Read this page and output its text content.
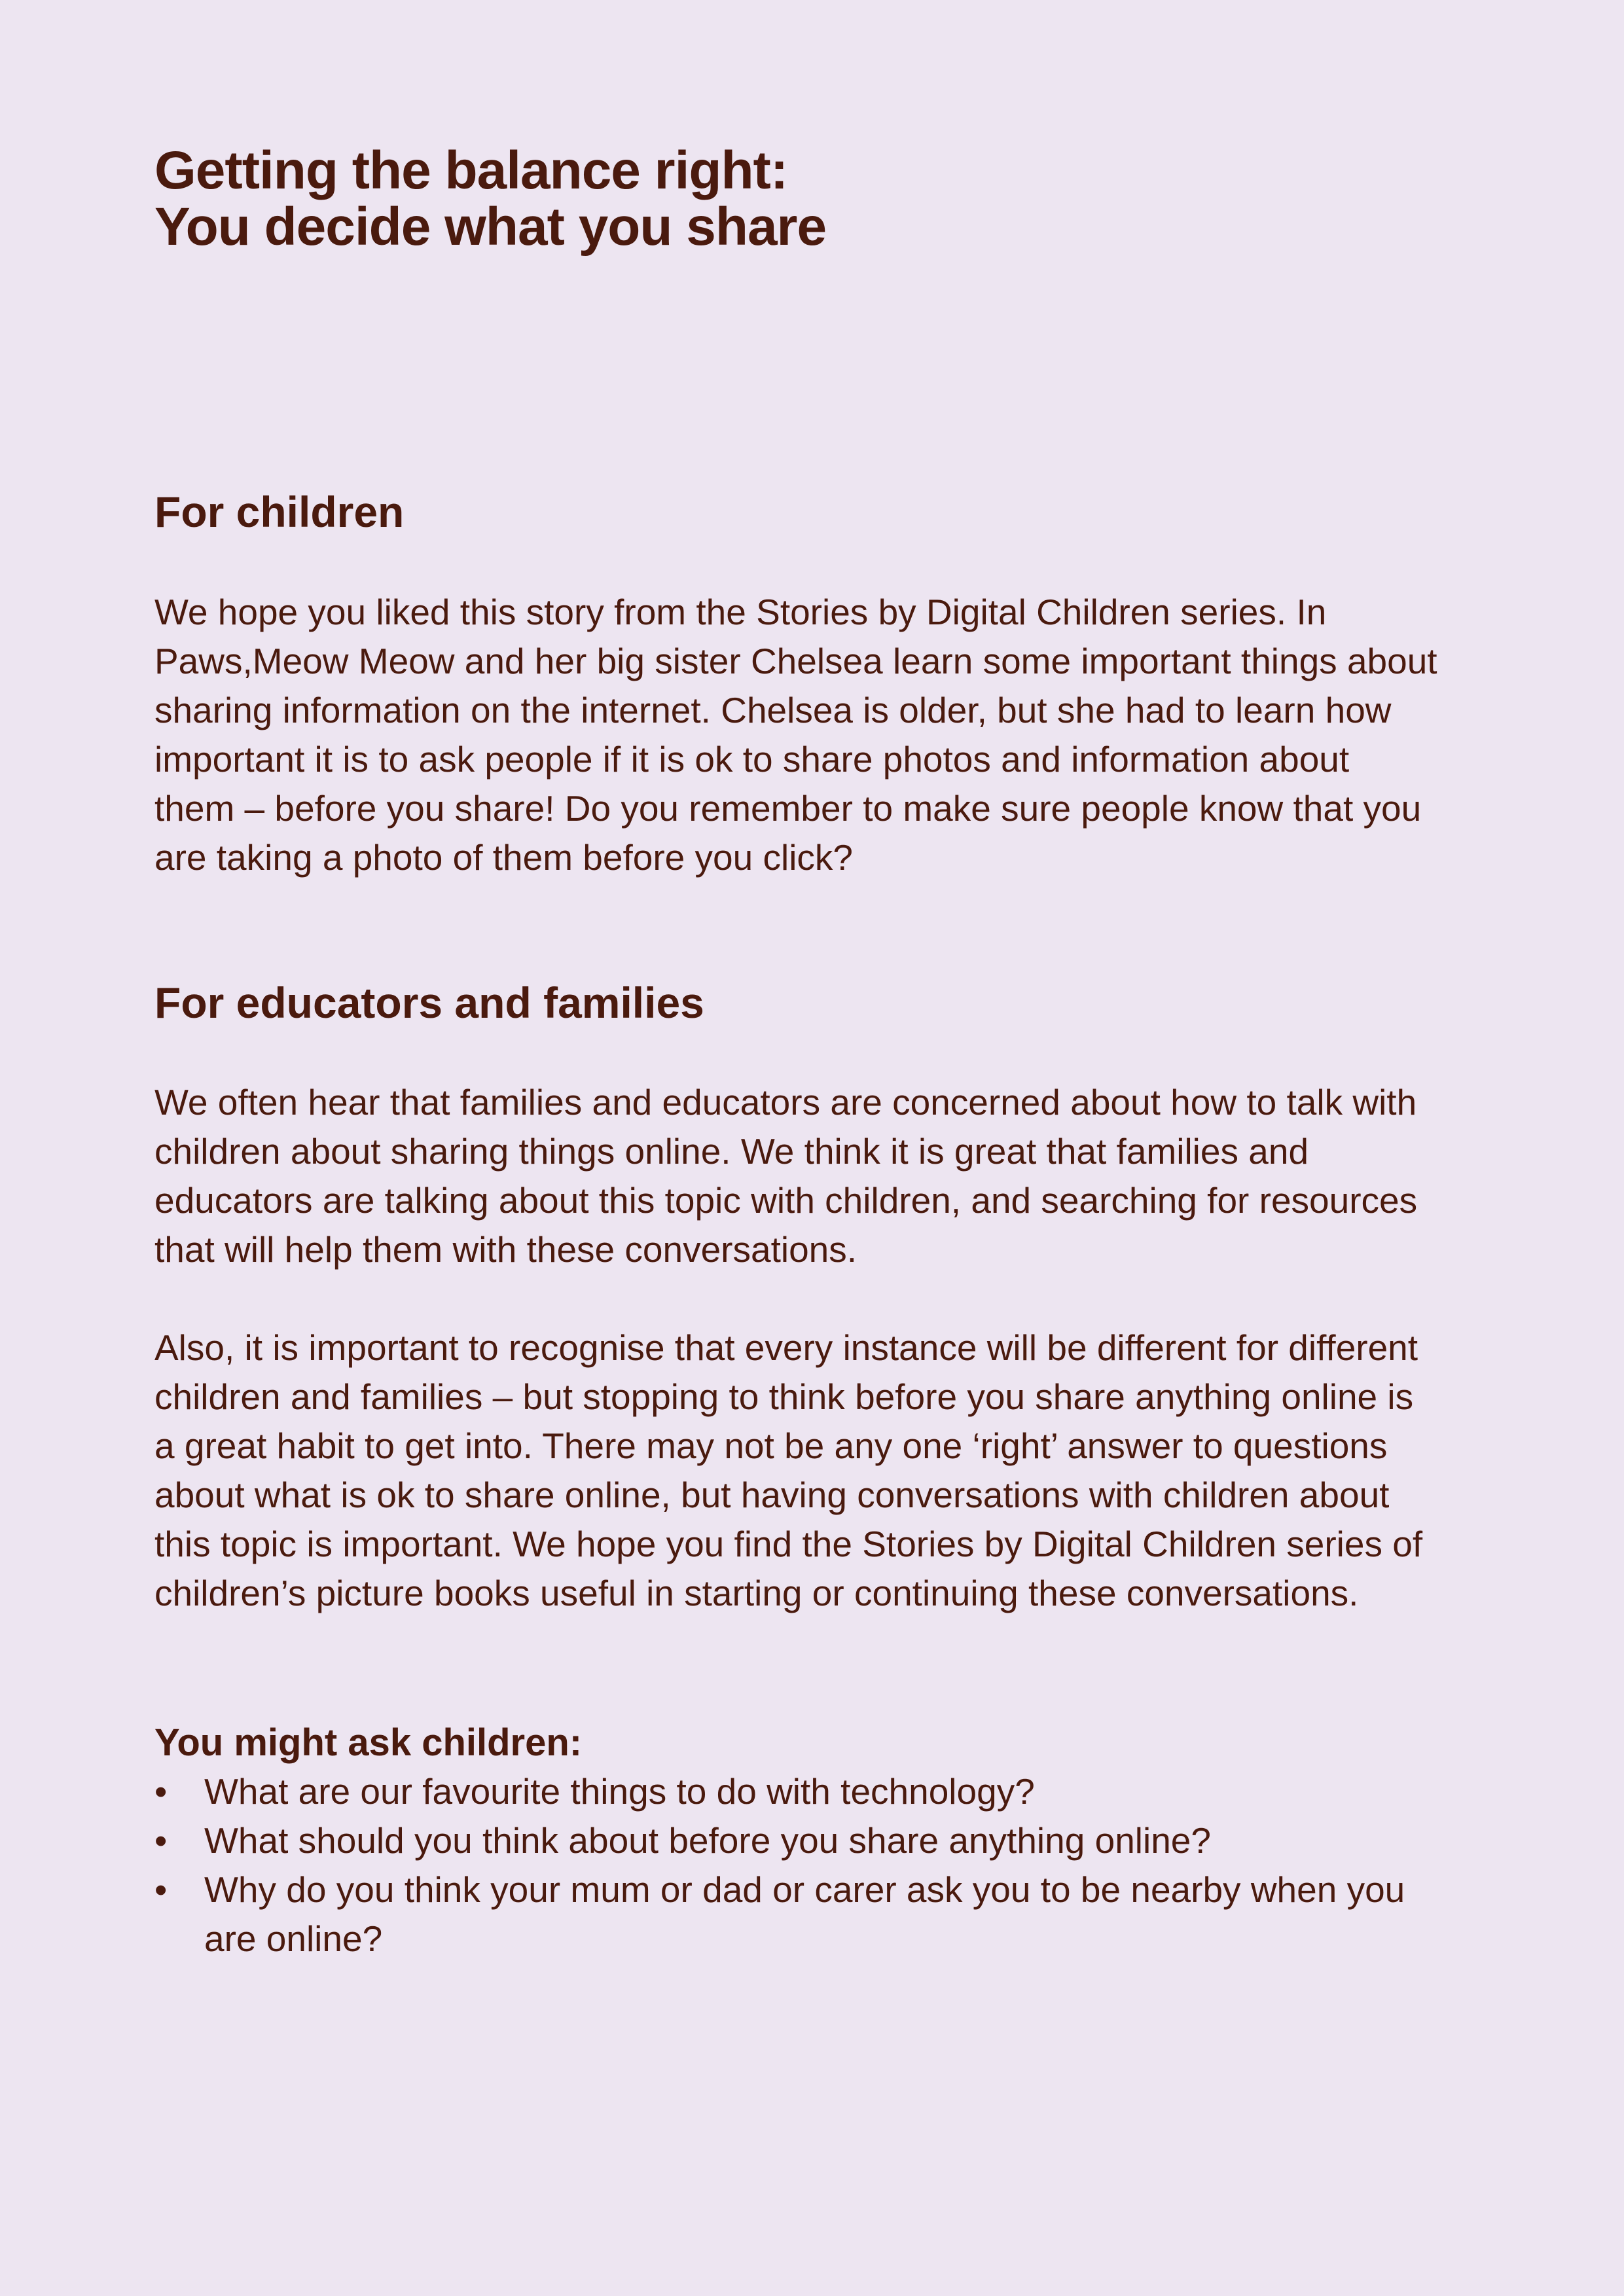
Getting the balance right:
You decide what you share
For children

We hope you liked this story from the Stories by Digital Children series. In Paws,Meow Meow and her big sister Chelsea learn some important things about sharing information on the internet. Chelsea is older, but she had to learn how important it is to ask people if it is ok to share photos and information about them – before you share! Do you remember to make sure people know that you are taking a photo of them before you click?

For educators and families

We often hear that families and educators are concerned about how to talk with children about sharing things online. We think it is great that families and educators are talking about this topic with children, and searching for resources that will help them with these conversations.

Also, it is important to recognise that every instance will be different for different children and families – but stopping to think before you share anything online is a great habit to get into. There may not be any one ‘right’ answer to questions about what is ok to share online, but having conversations with children about this topic is important. We hope you find the Stories by Digital Children series of children’s picture books useful in starting or continuing these conversations.

You might ask children:
•	What are our favourite things to do with technology?
•	What should you think about before you share anything online?
•	Why do you think your mum or dad or carer ask you to be nearby when you are online?
